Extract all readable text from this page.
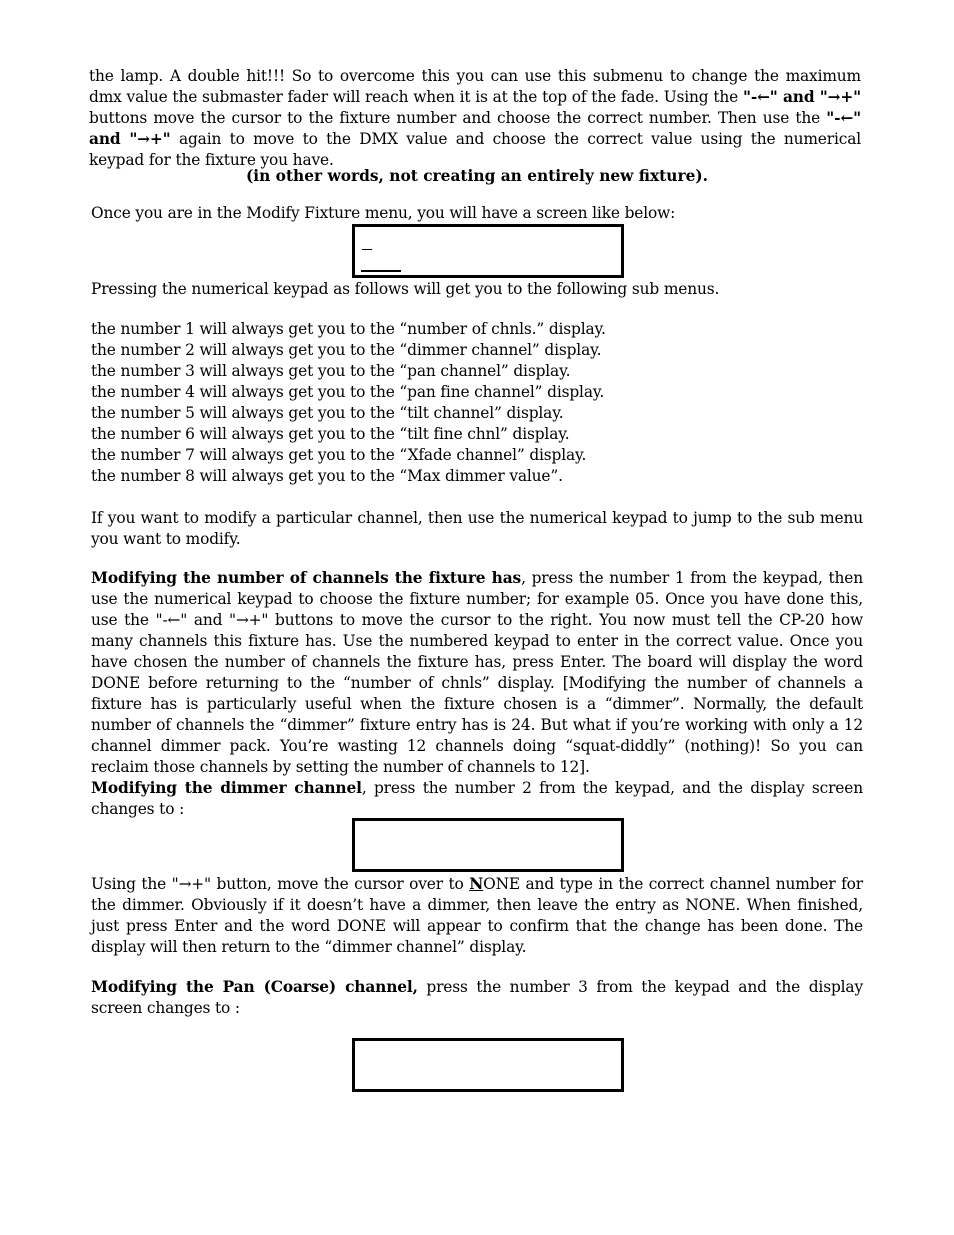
the lamp. A double hit!!! So to overcome this you can use this submenu to change the maximum dmx value the submaster fader will reach when it is at the top of the fade. Using the "-←" and "→+" buttons move the cursor to the fixture number and choose the correct number. Then use the "-←" and "→+" again to move to the DMX value and choose the correct value using the numerical keypad for the fixture you have.

(in other words, not creating an entirely new fixture).

Once you are in the Modify Fixture menu, you will have a screen like below:

Pressing the numerical keypad as follows will get you to the following sub menus.

the number 1 will always get you to the “number of chnls.” display.

the number 2 will always get you to the “dimmer channel” display.

the number 3 will always get you to the “pan channel” display.

the number 4 will always get you to the “pan fine channel” display.

the number 5 will always get you to the “tilt channel” display.

the number 6 will always get you to the “tilt fine chnl” display.

the number 7 will always get you to the “Xfade channel” display.

the number 8 will always get you to the “Max dimmer value”.

If you want to modify a particular channel, then use the numerical keypad to jump to the sub menu you want to modify.

Modifying the number of channels the fixture has, press the number 1 from the keypad, then use the numerical keypad to choose the fixture number; for example 05. Once you have done this, use the "-←" and "→+" buttons to move the cursor to the right. You now must tell the CP-20 how many channels this fixture has. Use the numbered keypad to enter in the correct value. Once you have chosen the number of channels the fixture has, press Enter. The board will display the word DONE before returning to the “number of chnls” display. [Modifying the number of channels a fixture has is particularly useful when the fixture chosen is a “dimmer”. Normally, the default number of channels the “dimmer” fixture entry has is 24. But what if you’re working with only a 12 channel dimmer pack. You’re wasting 12 channels doing “squat-diddly” (nothing)! So you can reclaim those channels by setting the number of channels to 12].

Modifying the dimmer channel, press the number 2 from the keypad, and the display screen changes to :

Using the "→+" button, move the cursor over to NONE and type in the correct channel number for the dimmer. Obviously if it doesn’t have a dimmer, then leave the entry as NONE. When finished, just press Enter and the word DONE will appear to confirm that the change has been done. The display will then return to the “dimmer channel” display.

Modifying the Pan (Coarse) channel, press the number 3 from the keypad and the display screen changes to :
